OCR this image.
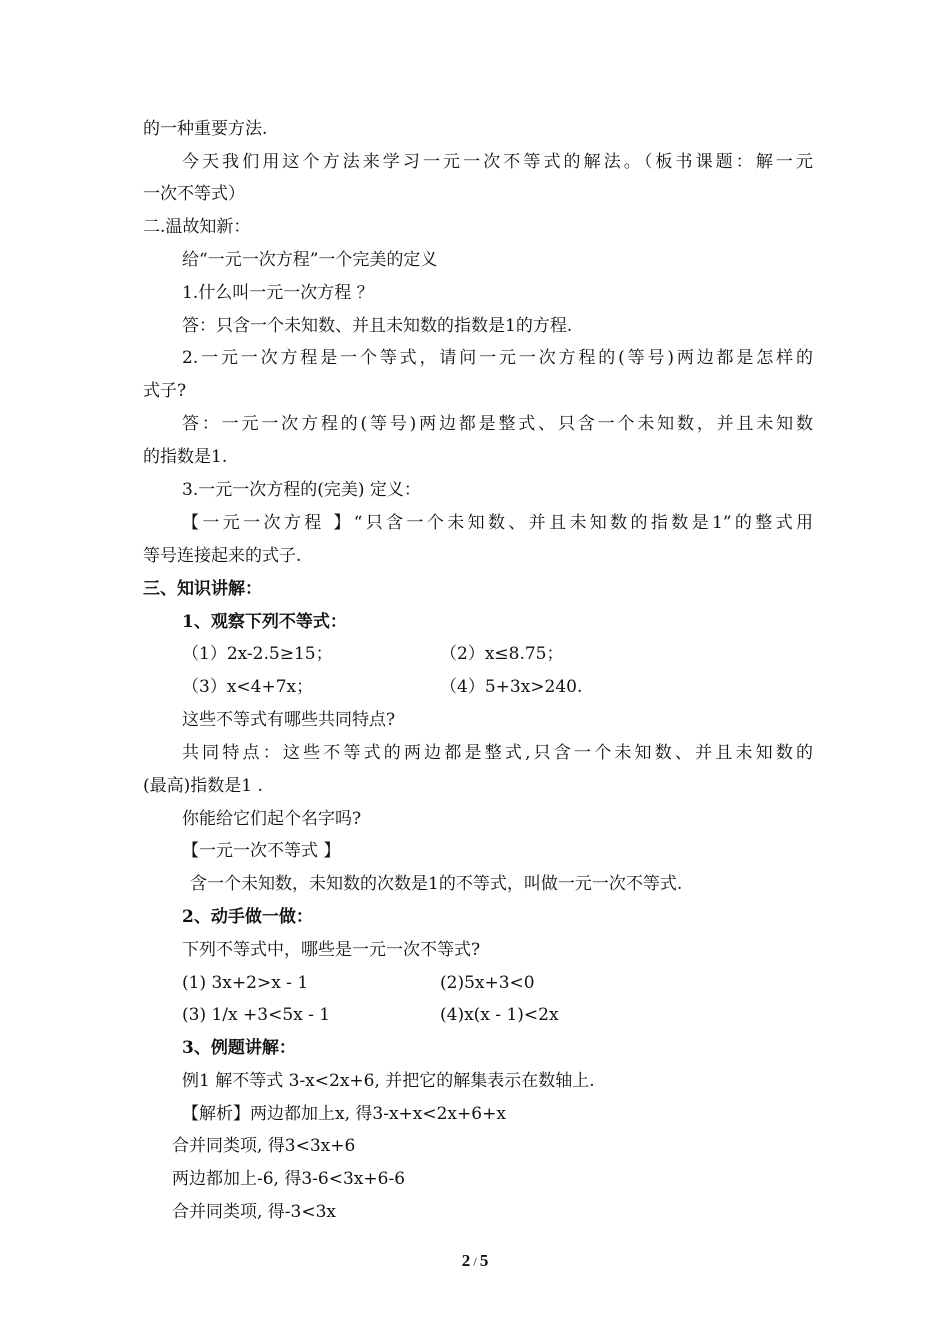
的一种重要方法.
今天我们用这个方法来学习一元一次不等式的解法。（板书课题：解一元
一次不等式）
二.温故知新：
给“一元一次方程”一个完美的定义
1.什么叫一元一次方程 ？
答：只含一个未知数、并且未知数的指数是1的方程.
2.一元一次方程是一个等式，请问一元一次方程的(等号)两边都是怎样的
式子?
答：一元一次方程的(等号)两边都是整式、只含一个未知数，并且未知数
的指数是1.
3.一元一次方程的(完美) 定义：
【一元一次方程 】“只含一个未知数、并且未知数的指数是1”的整式用
等号连接起来的式子.
三、知识讲解：
1、观察下列不等式：
（1）2x-2.5≥15；	（2）x≤8.75；
（3）x<4+7x；	（4）5+3x>240.
这些不等式有哪些共同特点?
共同特点：这些不等式的两边都是整式,只含一个未知数、并且未知数的
(最高)指数是1 .
你能给它们起个名字吗?
【一元一次不等式 】
含一个未知数，未知数的次数是1的不等式，叫做一元一次不等式.
2、动手做一做：
下列不等式中，哪些是一元一次不等式?
(1) 3x+2>x - 1	(2)5x+3<0
(3) 1/x +3<5x - 1	(4)x(x - 1)<2x
3、例题讲解：
例1 解不等式 3-x<2x+6, 并把它的解集表示在数轴上.
【解析】两边都加上x, 得3-x+x<2x+6+x
合并同类项, 得3<3x+6
两边都加上-6, 得3-6<3x+6-6
合并同类项, 得-3<3x
2 / 5
